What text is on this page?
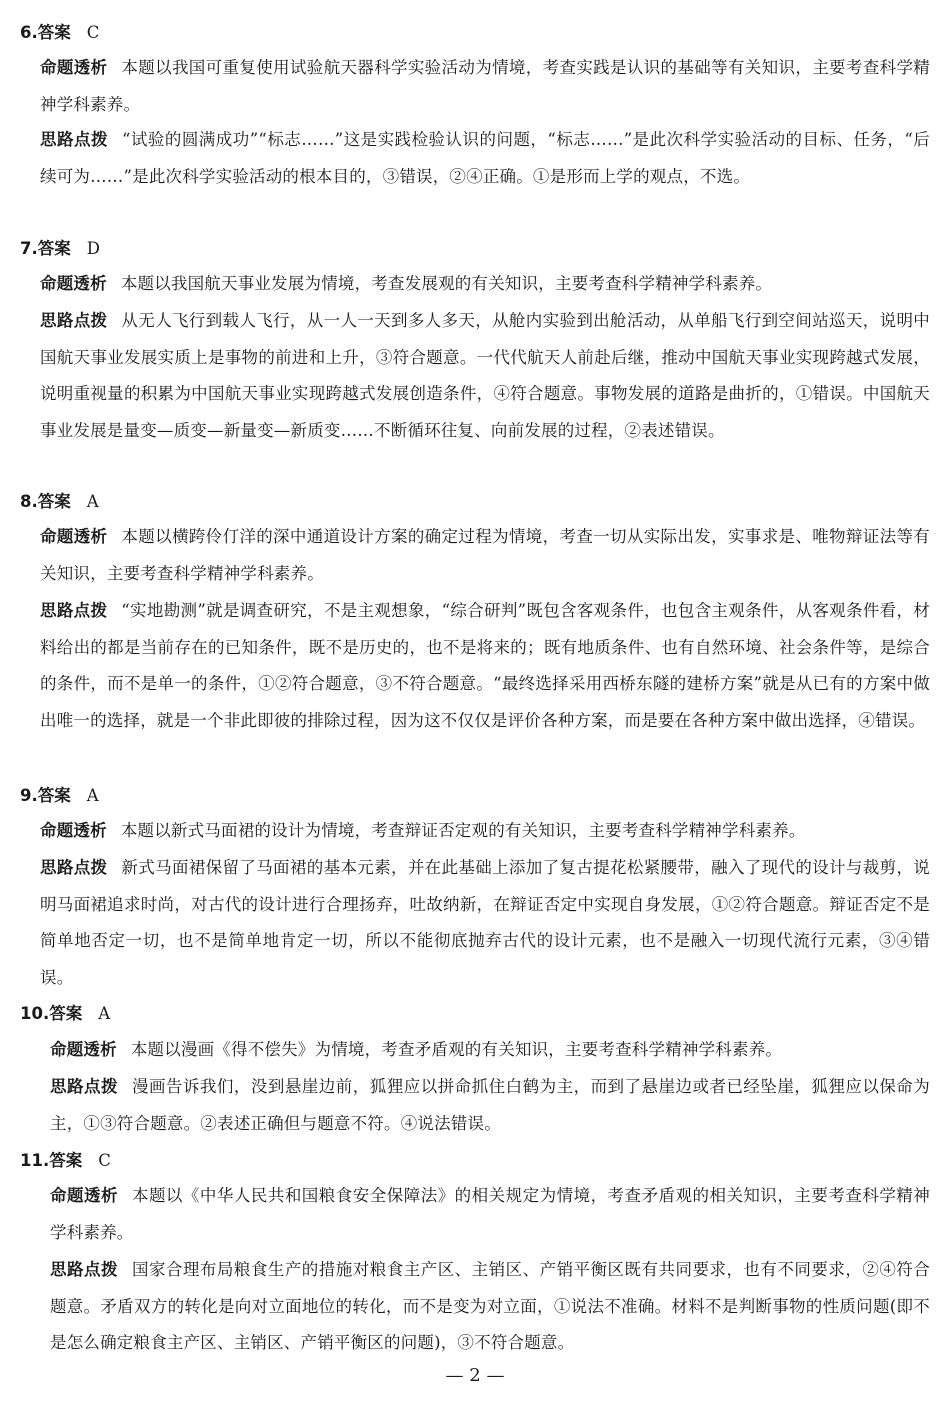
6.答案 C
命题透析 本题以我国可重复使用试验航天器科学实验活动为情境，考查实践是认识的基础等有关知识，主要考查科学精神学科素养。
思路点拨 “试验的圆满成功”“标志……”这是实践检验认识的问题，“标志……”是此次科学实验活动的目标、任务，“后续可为……”是此次科学实验活动的根本目的，③错误，②④正确。①是形而上学的观点，不选。
7.答案 D
命题透析 本题以我国航天事业发展为情境，考查发展观的有关知识，主要考查科学精神学科素养。
思路点拨 从无人飞行到载人飞行，从一人一天到多人多天，从舱内实验到出舱活动，从单船飞行到空间站巡天，说明中国航天事业发展实质上是事物的前进和上升，③符合题意。一代代航天人前赴后继，推动中国航天事业实现跨越式发展，说明重视量的积累为中国航天事业实现跨越式发展创造条件，④符合题意。事物发展的道路是曲折的，①错误。中国航天事业发展是量变—质变—新量变—新质变……不断循环往复、向前发展的过程，②表述错误。
8.答案 A
命题透析 本题以横跨伶仃洋的深中通道设计方案的确定过程为情境，考查一切从实际出发，实事求是、唯物辩证法等有关知识，主要考查科学精神学科素养。
思路点拨 “实地勘测”就是调查研究，不是主观想象，“综合研判”既包含客观条件，也包含主观条件，从客观条件看，材料给出的都是当前存在的已知条件，既不是历史的，也不是将来的；既有地质条件、也有自然环境、社会条件等，是综合的条件，而不是单一的条件，①②符合题意，③不符合题意。“最终选择采用西桥东隧的建桥方案”就是从已有的方案中做出唯一的选择，就是一个非此即彼的排除过程，因为这不仅仅是评价各种方案，而是要在各种方案中做出选择，④错误。
9.答案 A
命题透析 本题以新式马面裙的设计为情境，考查辩证否定观的有关知识，主要考查科学精神学科素养。
思路点拨 新式马面裙保留了马面裙的基本元素，并在此基础上添加了复古提花松紧腰带，融入了现代的设计与裁剪，说明马面裙追求时尚，对古代的设计进行合理扬弃，吐故纳新，在辩证否定中实现自身发展，①②符合题意。辩证否定不是简单地否定一切，也不是简单地肯定一切，所以不能彻底抛弃古代的设计元素，也不是融入一切现代流行元素，③④错误。
10.答案 A
命题透析 本题以漫画《得不偿失》为情境，考查矛盾观的有关知识，主要考查科学精神学科素养。
思路点拨 漫画告诉我们，没到悬崖边前，狐狸应以拼命抓住白鹤为主，而到了悬崖边或者已经坠崖，狐狸应以保命为主，①③符合题意。②表述正确但与题意不符。④说法错误。
11.答案 C
命题透析 本题以《中华人民共和国粮食安全保障法》的相关规定为情境，考查矛盾观的相关知识，主要考查科学精神学科素养。
思路点拨 国家合理布局粮食生产的措施对粮食主产区、主销区、产销平衡区既有共同要求，也有不同要求，②④符合题意。矛盾双方的转化是向对立面地位的转化，而不是变为对立面，①说法不准确。材料不是判断事物的性质问题(即不是怎么确定粮食主产区、主销区、产销平衡区的问题)，③不符合题意。
— 2 —
